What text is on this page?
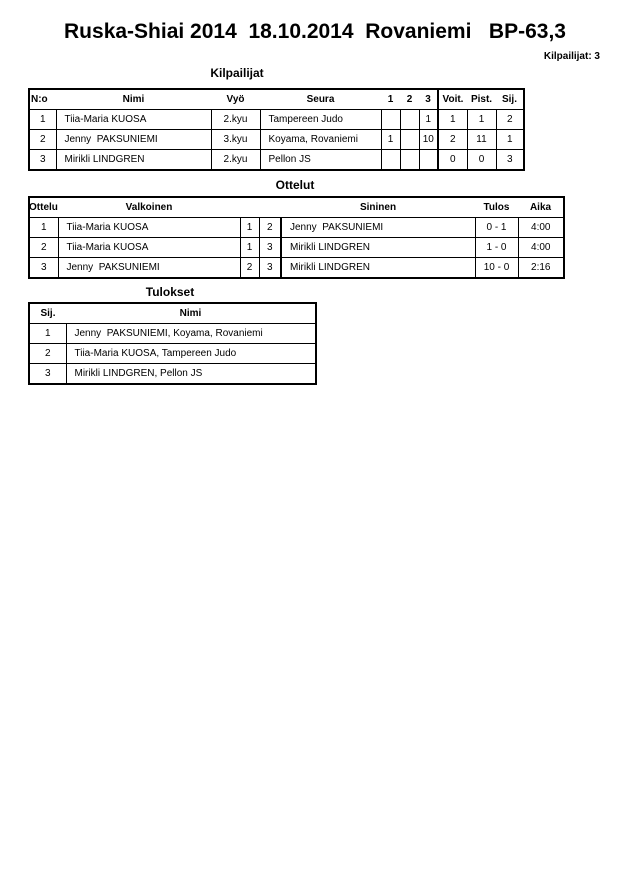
Ruska-Shiai 2014  18.10.2014  Rovaniemi   BP-63,3
Kilpailijat: 3
Kilpailijat
N:o	Nimi	Vyö	Seura	1	2	3	Voit.	Pist.	Sij.
1	Tiia-Maria KUOSA	2.kyu	Tampereen Judo			1	1	1	2
2	Jenny  PAKSUNIEMI	3.kyu	Koyama, Rovaniemi	1		10	2	11	1
3	Mirikli LINDGREN	2.kyu	Pellon JS				0	0	3
Ottelut
Ottelu	Valkoinen			Sininen	Tulos	Aika
1	Tiia-Maria KUOSA	1	2	Jenny  PAKSUNIEMI	0 - 1	4:00
2	Tiia-Maria KUOSA	1	3	Mirikli LINDGREN	1 - 0	4:00
3	Jenny  PAKSUNIEMI	2	3	Mirikli LINDGREN	10 - 0	2:16
Tulokset
Sij.	Nimi
1	Jenny  PAKSUNIEMI, Koyama, Rovaniemi
2	Tiia-Maria KUOSA, Tampereen Judo
3	Mirikli LINDGREN, Pellon JS
